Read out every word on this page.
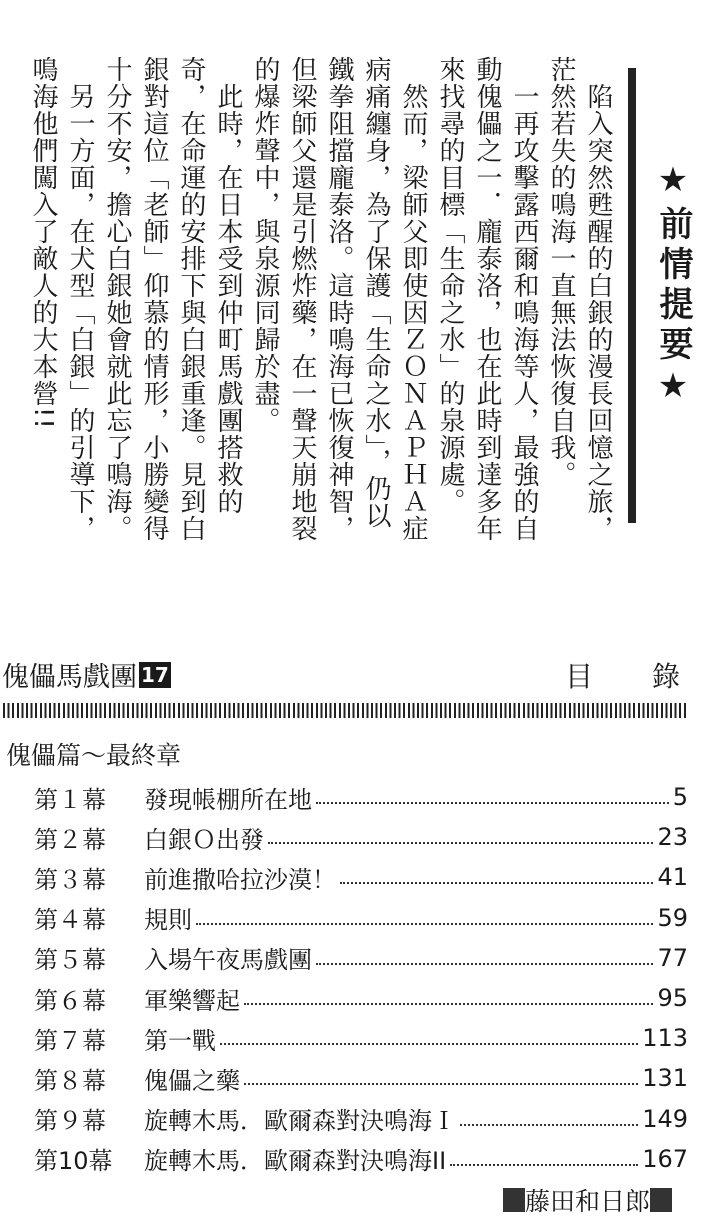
　陷入突然甦醒的白銀的漫長回憶之旅，茫然若失的鳴海一直無法恢復自我。

　一再攻擊露西爾和鳴海等人，最強的自動傀儡之一．龐泰洛，也在此時到達多年來找尋的目標「生命之水」的泉源處。

　然而，梁師父即使因ＺＯＮＡＰＨＡ症病痛纏身，為了保護「生命之水」，仍以鐵拳阻擋龐泰洛。這時鳴海已恢復神智，但梁師父還是引燃炸藥，在一聲天崩地裂的爆炸聲中，與泉源同歸於盡。

　此時，在日本受到仲町馬戲團搭救的奇，在命運的安排下與白銀重逢。見到白銀對這位「老師」仰慕的情形，小勝變得十分不安，擔心白銀她會就此忘了鳴海。

　另一方面，在犬型「白銀」的引導下，鳴海他們闖入了敵人的大本營!!	★前情提要★
傀儡馬戲團 17	目 錄
傀儡篇～最終章
第１幕	發現帳棚所在地	5
第２幕	白銀Ｏ出發	23
第３幕	前進撒哈拉沙漠！	41
第４幕	規則	59
第５幕	入場午夜馬戲團	77
第６幕	軍樂響起	95
第７幕	第一戰	113
第８幕	傀儡之藥	131
第９幕	旋轉木馬．歐爾森對決鳴海Ｉ	149
第10幕	旋轉木馬．歐爾森對決鳴海II	167
藤田和日郎
